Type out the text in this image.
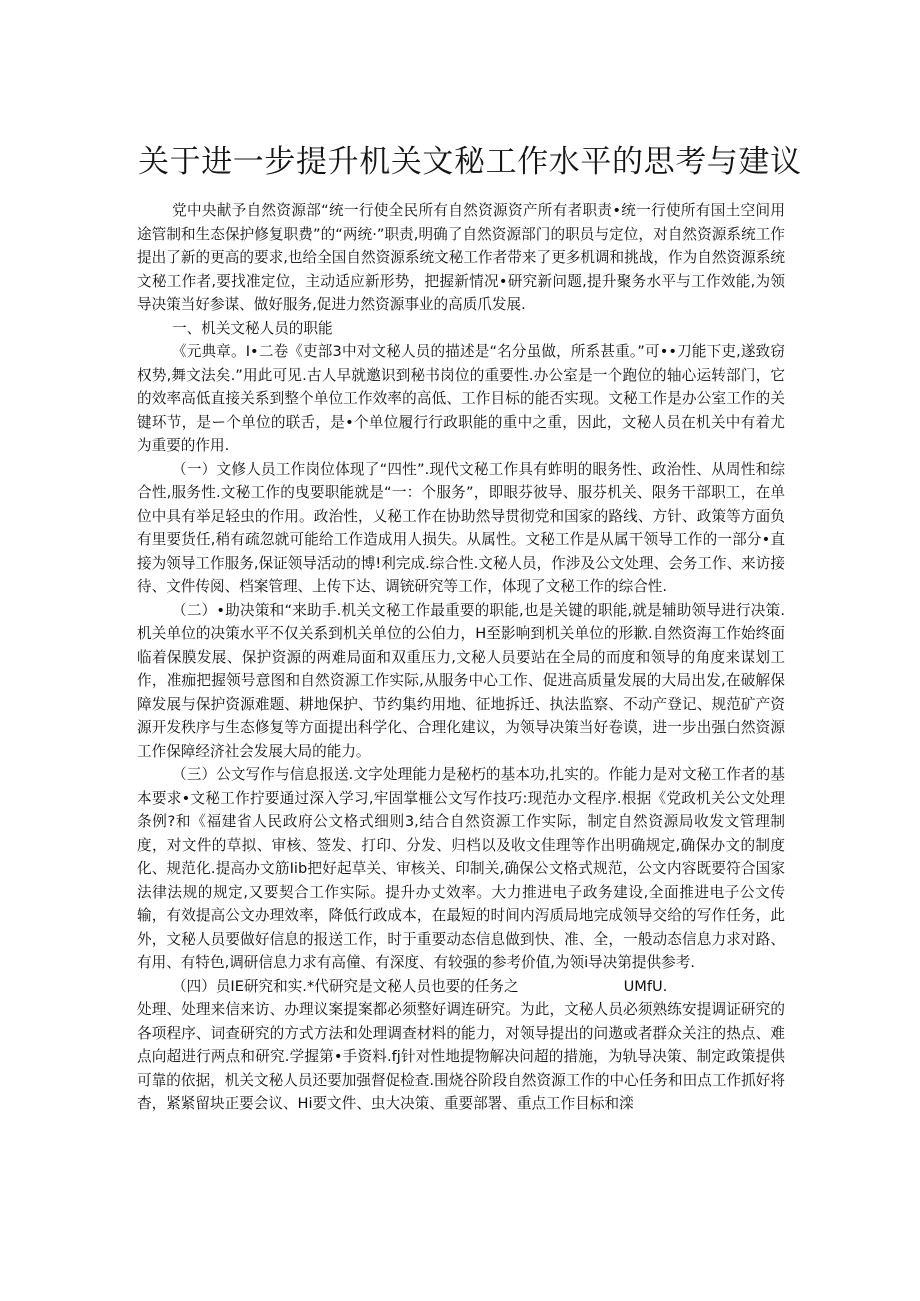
关于进一步提升机关文秘工作水平的思考与建议

党中央献予自然资源部“统一行使全民所有自然资源资产所有者职责•统一行使所有国土空间用途管制和生态保护修复职费”的“两统·”职责,明确了自然资源部门的职员与定位，对自然资源系统工作提出了新的更高的要求,也给全国自然资源系统文秘工作者带来了更多机调和挑战，作为自然资源系统文秘工作者,要找准定位，主动适应新形势，把握新情况•研究新问题,提升聚务水平与工作效能,为领导决策当好参谋、做好服务,促进力然资源事业的高质爪发展.

一、机关文秘人员的职能

《元典章。I•二卷《吏部3中对文秘人员的描述是“名分虽做，所系甚重。”可••刀能下吏,遂致窃权势,舞文法矣.”用此可见.古人早就邀识到秘书岗位的重要性.办公室是一个跑位的轴心运转部门，它的效率高低直接关系到整个单位工作效率的高低、工作目标的能否实现。文秘工作是办公室工作的关键环节，是ー个单位的联舌，是•个单位履行行政职能的重中之重，因此，文秘人员在机关中有着尤为重要的作用.

（一）文修人员工作岗位体现了“四性”.现代文秘工作具有蚱明的眼务性、政治性、从周性和综合性,服务性.文秘工作的曳要职能就是“一：个服务”，即眼芬彼导、服芬机关、限务干部职工，在单位中具有举足轻虫的作用。政治性，乂秘工作在协助然导贯彻党和国家的路线、方针、政策等方面负有里要货任,稍有疏忽就可能给工作造成用人损失。从属性。文秘工作是从属干领导工作的一部分•直接为领导工作服务,保证领导活动的博!利完成.综合性.文秘人员，作涉及公文处理、会务工作、来访接待、文件传阅、档案管理、上传下达、调铳研究等工作，体现了文秘工作的综合性.

（二）•助决策和“来助手.机关文秘工作最重要的职能,也是关键的职能,就是辅助领导进行决策.机关单位的决策水平不仅关系到机关单位的公伯力，H至影响到机关单位的形歉.自然资海工作始终面临着保膜发展、保护资源的两难局面和双重压力,文秘人员要站在全局的而度和领导的角度来谋划工作，准痂把握领号意图和自然资源工作实际,从服务中心工作、促进高质量发展的大局出发,在破解保障发展与保护资源难题、耕地保护、节约集约用地、征地拆迁、执法监察、不动产登记、规范矿产资源开发秩序与生态修复等方面提出科学化、合理化建议，为领导决策当好卷谟，进一步出强白然资源工作保障经济社会发展大局的能力。

（三）公文写作与信息报送.文字处理能力是秘朽的基本功,扎实的。作能力是对文秘工作者的基本要求•文秘工作拧要通过深入学习,牢固掌榧公文写作技巧:现范办文程序.根据《党政机关公文处理条例?和《福建省人民政府公文格式细则3,结合自然资源工作实际，制定自然资源局收发文管理制度，对文件的草拟、审核、签发、打印、分发、归档以及收文佳理等作出明确规定,确保办文的制度化、规范化.提高办文筋Iib把好起草关、审核关、印制关,确保公文格式规范，公文内容既要符合国家法律法规的规定,又要契合工作实际。提升办丈效率。大力推进电子政务建设,全面推进电子公文传输，有效提高公文办理效率，降低行政成本，在最短的时间内泻质局地完成领导交给的写作任务，此外，文秘人员要做好信息的报送工作，时于重要动态信息做到快、准、全，一般动态信息力求对路、有用、有特色,调研信息力求有高僮、有深度、有较强的参考价值,为领i导决第提供参考.

（四）员IE研究和实.*代研究是文秘人员也要的任务之	UMfU.

处理、处理来信来访、办理议案提案都必须整好调连研究。为此，文秘人员必须熟练安提调证研究的各项程序、词查研究的方式方法和处理调查材料的能力，对领导提出的问遨或者群众关注的热点、难点向超进行两点和研究.学握第•手资料.fj针对性地提物解决问超的措施，为轨导决策、制定政策提供可靠的依据，机关文秘人员还要加强督促检查.围烧谷阶段自然资源工作的中心任务和田点工作抓好将杳，紧紧留块正要会议、Hi要文件、虫大决策、重要部署、重点工作目标和滦
